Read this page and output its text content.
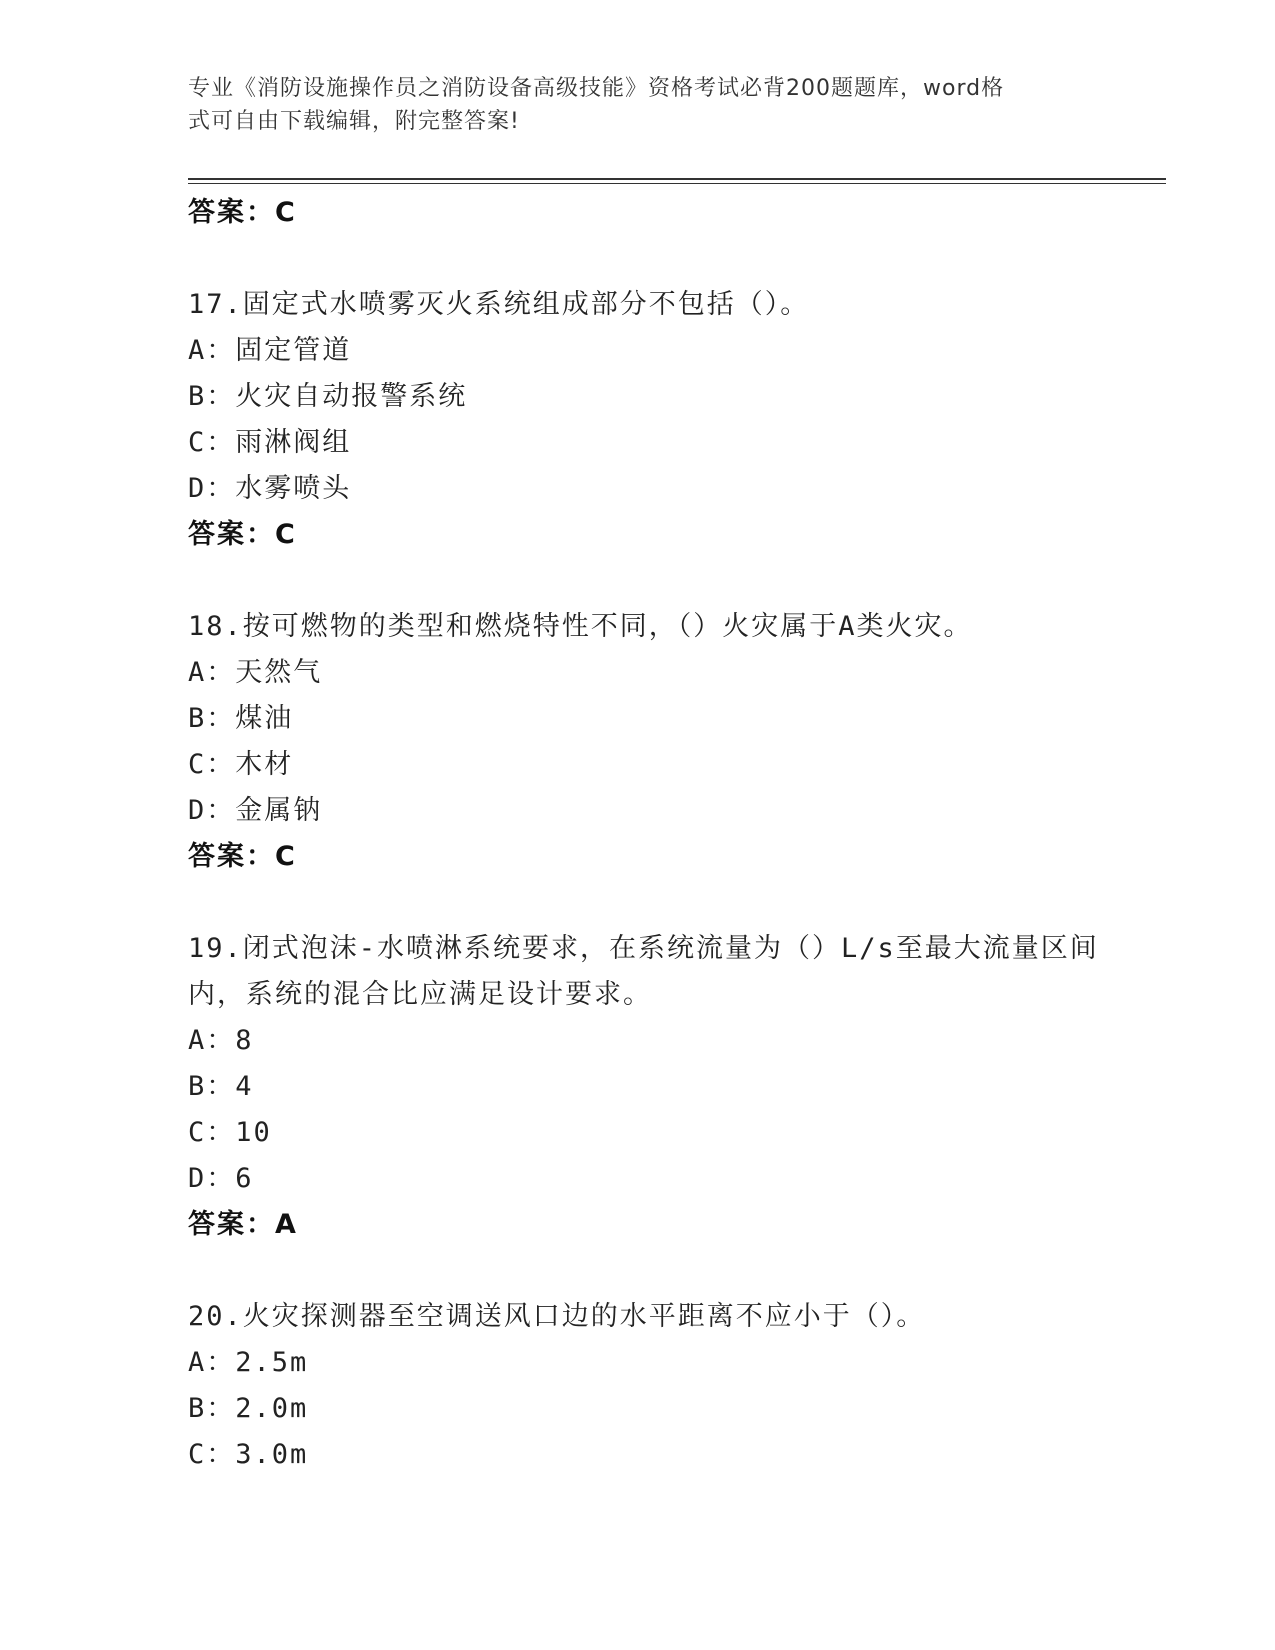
专业《消防设施操作员之消防设备高级技能》资格考试必背200题题库，word格
式可自由下载编辑，附完整答案!
答案：C
17.固定式水喷雾灭火系统组成部分不包括（）。
A：固定管道
B：火灾自动报警系统
C：雨淋阀组
D：水雾喷头
答案：C
18.按可燃物的类型和燃烧特性不同，（）火灾属于A类火灾。
A：天然气
B：煤油
C：木材
D：金属钠
答案：C
19.闭式泡沫-水喷淋系统要求，在系统流量为（）L/s至最大流量区间
内，系统的混合比应满足设计要求。
A：8
B：4
C：10
D：6
答案：A
20.火灾探测器至空调送风口边的水平距离不应小于（）。
A：2.5m
B：2.0m
C：3.0m
